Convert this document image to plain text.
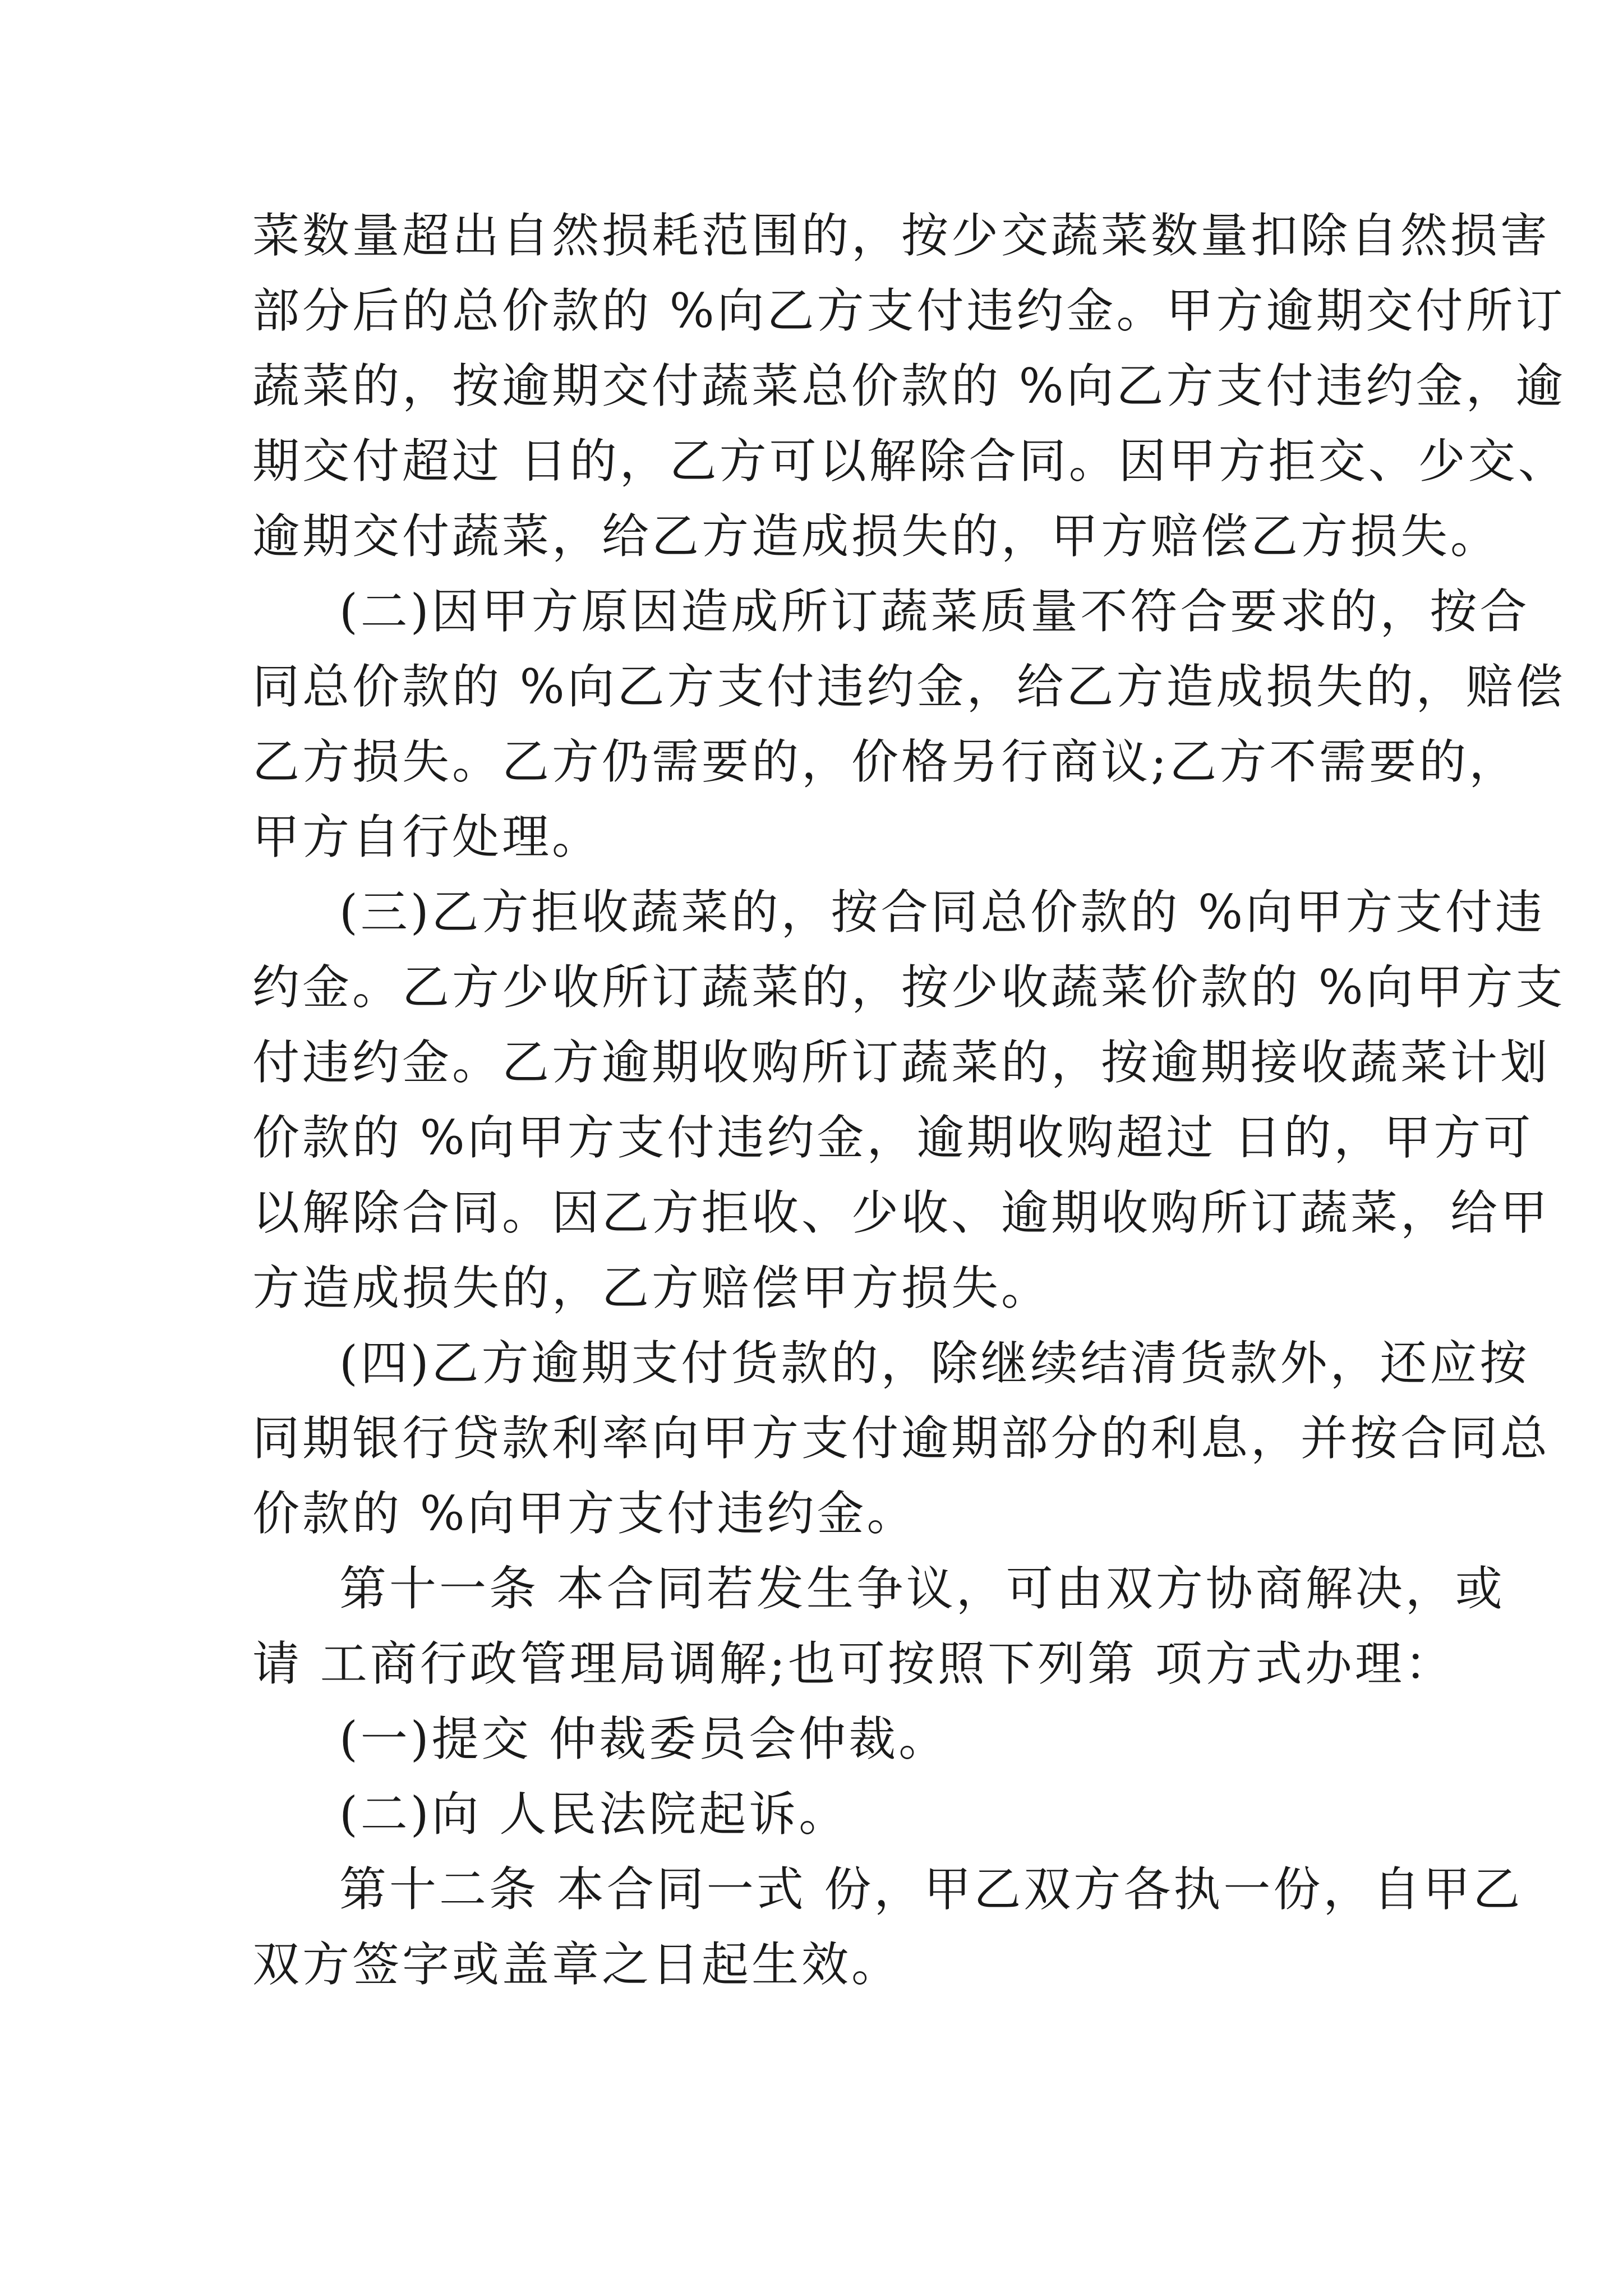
菜数量超出自然损耗范围的，按少交蔬菜数量扣除自然损害
部分后的总价款的 %向乙方支付违约金。甲方逾期交付所订
蔬菜的，按逾期交付蔬菜总价款的 %向乙方支付违约金，逾
期交付超过 日的，乙方可以解除合同。因甲方拒交、少交、
逾期交付蔬菜，给乙方造成损失的，甲方赔偿乙方损失。
(二)因甲方原因造成所订蔬菜质量不符合要求的，按合
同总价款的 %向乙方支付违约金，给乙方造成损失的，赔偿
乙方损失。乙方仍需要的，价格另行商议;乙方不需要的，
甲方自行处理。
(三)乙方拒收蔬菜的，按合同总价款的 %向甲方支付违
约金。乙方少收所订蔬菜的，按少收蔬菜价款的 %向甲方支
付违约金。乙方逾期收购所订蔬菜的，按逾期接收蔬菜计划
价款的 %向甲方支付违约金，逾期收购超过 日的，甲方可
以解除合同。因乙方拒收、少收、逾期收购所订蔬菜，给甲
方造成损失的，乙方赔偿甲方损失。
(四)乙方逾期支付货款的，除继续结清货款外，还应按
同期银行贷款利率向甲方支付逾期部分的利息，并按合同总
价款的 %向甲方支付违约金。
第十一条 本合同若发生争议，可由双方协商解决，或
请 工商行政管理局调解;也可按照下列第 项方式办理：
(一)提交 仲裁委员会仲裁。
(二)向 人民法院起诉。
第十二条 本合同一式 份，甲乙双方各执一份，自甲乙
双方签字或盖章之日起生效。
